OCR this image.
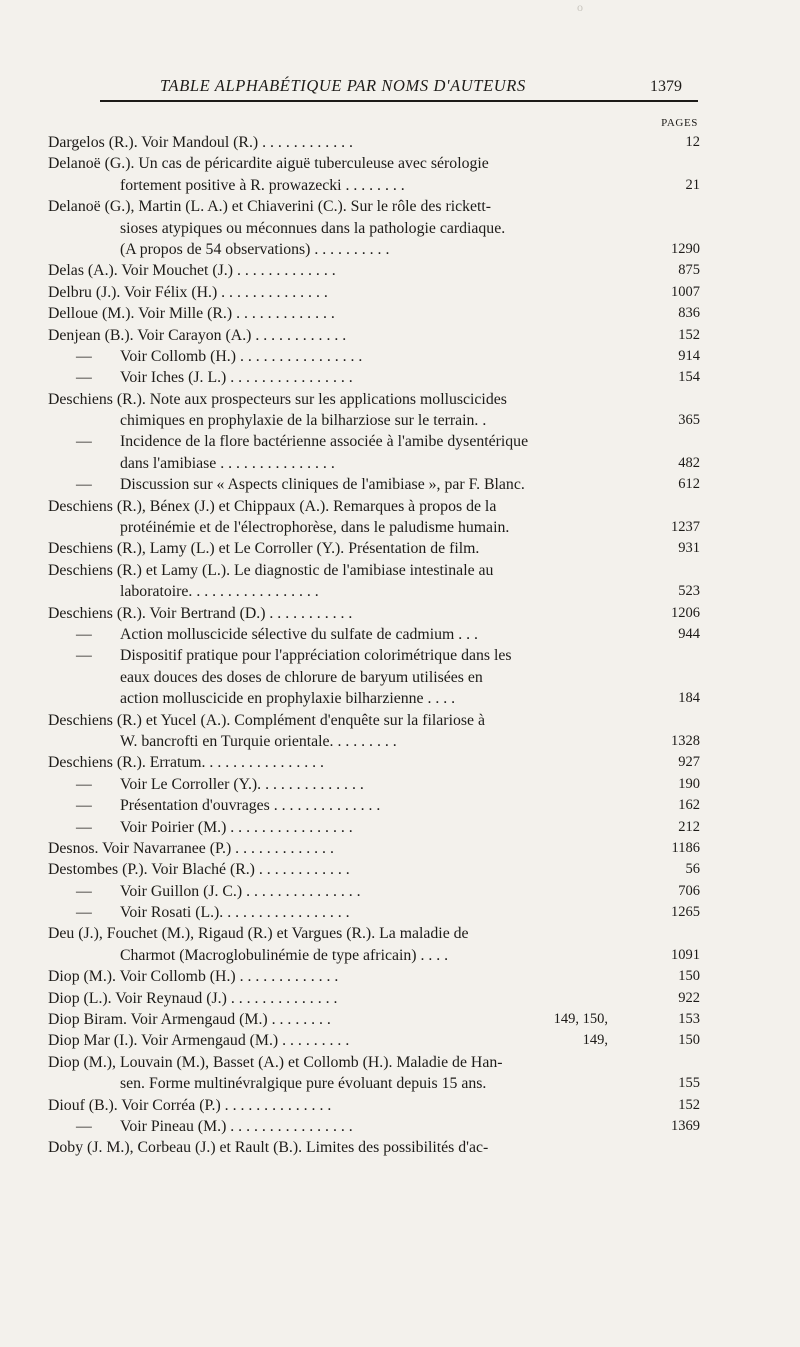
o
TABLE ALPHABÉTIQUE PAR NOMS D'AUTEURS	1379
PAGES
Dargelos (R.). Voir Mandoul (R.) . . . . . . . . . . . .	12
Delanoë (G.). Un cas de péricardite aiguë tuberculeuse avec sérologie
fortement positive à R. prowazecki . . . . . . . .	21
Delanoë (G.), Martin (L. A.) et Chiaverini (C.). Sur le rôle des rickett-
sioses atypiques ou méconnues dans la pathologie cardiaque.
(A propos de 54 observations) . . . . . . . . . .	1290
Delas (A.). Voir Mouchet (J.) . . . . . . . . . . . . .	875
Delbru (J.). Voir Félix (H.) . . . . . . . . . . . . . .	1007
Delloue (M.). Voir Mille (R.) . . . . . . . . . . . . .	836
Denjean (B.). Voir Carayon (A.) . . . . . . . . . . . .	152
— Voir Collomb (H.) . . . . . . . . . . . . . . . .	914
— Voir Iches (J. L.) . . . . . . . . . . . . . . . .	154
Deschiens (R.). Note aux prospecteurs sur les applications molluscicides
chimiques en prophylaxie de la bilharziose sur le terrain. .	365
— Incidence de la flore bactérienne associée à l'amibe dysentérique
dans l'amibiase . . . . . . . . . . . . . . .	482
— Discussion sur « Aspects cliniques de l'amibiase », par F. Blanc.	612
Deschiens (R.), Bénex (J.) et Chippaux (A.). Remarques à propos de la
protéinémie et de l'électrophorèse, dans le paludisme humain.	1237
Deschiens (R.), Lamy (L.) et Le Corroller (Y.). Présentation de film.	931
Deschiens (R.) et Lamy (L.). Le diagnostic de l'amibiase intestinale au
laboratoire. . . . . . . . . . . . . . . . .	523
Deschiens (R.). Voir Bertrand (D.) . . . . . . . . . . .	1206
— Action molluscicide sélective du sulfate de cadmium . . .	944
— Dispositif pratique pour l'appréciation colorimétrique dans les
eaux douces des doses de chlorure de baryum utilisées en
action molluscicide en prophylaxie bilharzienne . . . .	184
Deschiens (R.) et Yucel (A.). Complément d'enquête sur la filariose à
W. bancrofti en Turquie orientale. . . . . . . . .	1328
Deschiens (R.). Erratum. . . . . . . . . . . . . . . .	927
— Voir Le Corroller (Y.). . . . . . . . . . . . . .	190
— Présentation d'ouvrages . . . . . . . . . . . . . .	162
— Voir Poirier (M.) . . . . . . . . . . . . . . . .	212
Desnos. Voir Navarranee (P.) . . . . . . . . . . . . .	1186
Destombes (P.). Voir Blaché (R.) . . . . . . . . . . . .	56
— Voir Guillon (J. C.) . . . . . . . . . . . . . . .	706
— Voir Rosati (L.). . . . . . . . . . . . . . . . .	1265
Deu (J.), Fouchet (M.), Rigaud (R.) et Vargues (R.). La maladie de
Charmot (Macroglobulinémie de type africain) . . . .	1091
Diop (M.). Voir Collomb (H.) . . . . . . . . . . . . .	150
Diop (L.). Voir Reynaud (J.) . . . . . . . . . . . . . .	922
Diop Biram. Voir Armengaud (M.) . . . . . . . .	149, 150,	153
Diop Mar (I.). Voir Armengaud (M.) . . . . . . . . .	149,	150
Diop (M.), Louvain (M.), Basset (A.) et Collomb (H.). Maladie de Han-
sen. Forme multinévralgique pure évoluant depuis 15 ans.	155
Diouf (B.). Voir Corréa (P.) . . . . . . . . . . . . . .	152
— Voir Pineau (M.) . . . . . . . . . . . . . . . .	1369
Doby (J. M.), Corbeau (J.) et Rault (B.). Limites des possibilités d'ac-
